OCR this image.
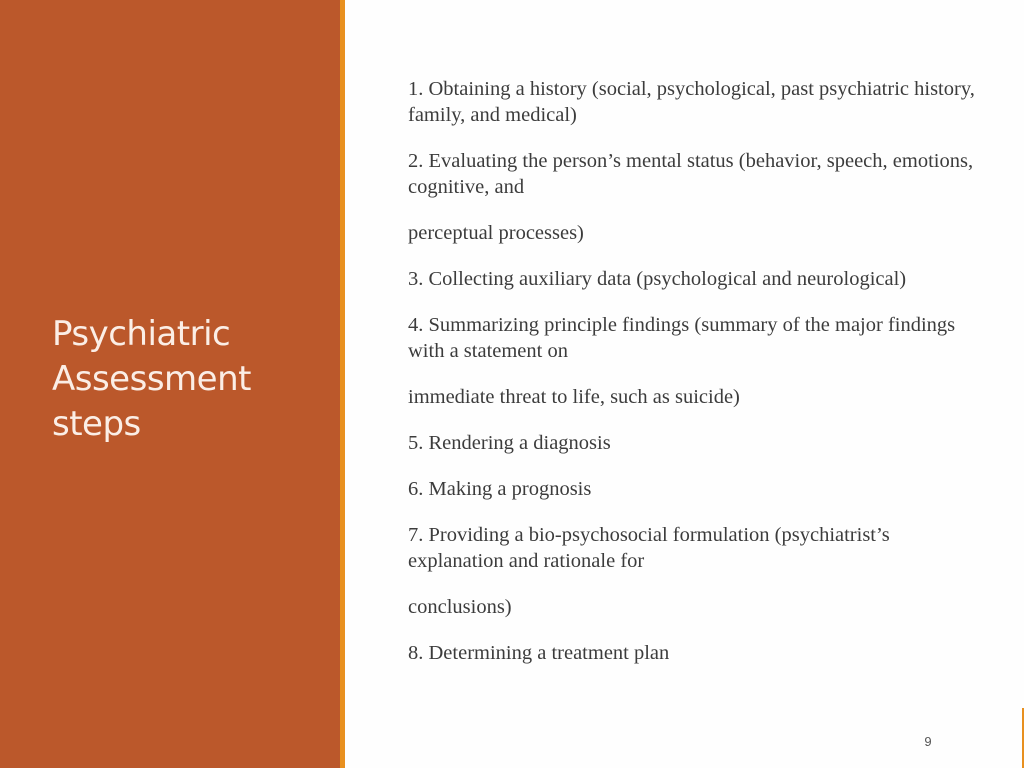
Psychiatric
Assessment
steps
1. Obtaining a history (social, psychological, past psychiatric history, family, and medical)
2. Evaluating the person’s mental status (behavior, speech, emotions, cognitive, and
perceptual processes)
3. Collecting auxiliary data (psychological and neurological)
4. Summarizing principle findings (summary of the major findings with a statement on
immediate threat to life, such as suicide)
5. Rendering a diagnosis
6. Making a prognosis
7. Providing a bio-psychosocial formulation (psychiatrist’s explanation and rationale for
conclusions)
8. Determining a treatment plan
9
